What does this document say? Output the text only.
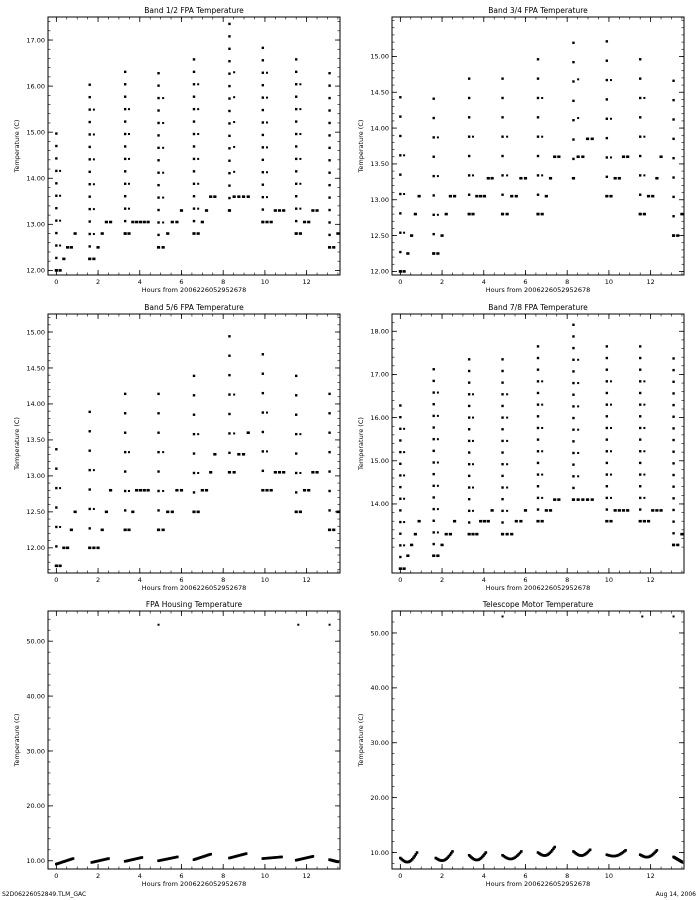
Band 1/2 FPA Temperature
0	2	4	6	8	10	12
12.00
13.00
14.00
15.00
16.00
17.00
Hours from 2006226052952678
Temperature (C)
Band 3/4 FPA Temperature
0	2	4	6	8	10	12
12.00
12.50
13.00
13.50
14.00
14.50
15.00
Hours from 2006226052952678
Temperature (C)
Band 5/6 FPA Temperature
0	2	4	6	8	10	12
12.00
12.50
13.00
13.50
14.00
14.50
15.00
Hours from 2006226052952678
Temperature (C)
Band 7/8 FPA Temperature
0	2	4	6	8	10	12
14.00
15.00
16.00
17.00
18.00
Hours from 2006226052952678
Temperature (C)
FPA Housing Temperature
0	2	4	6	8	10	12
10.00
20.00
30.00
40.00
50.00
Hours from 2006226052952678
Temperature (C)
Telescope Motor Temperature
0	2	4	6	8	10	12
10.00
20.00
30.00
40.00
50.00
Hours from 2006226052952678
Temperature (C)
S2D06226052849.TLM_GAC	Aug 14, 2006
